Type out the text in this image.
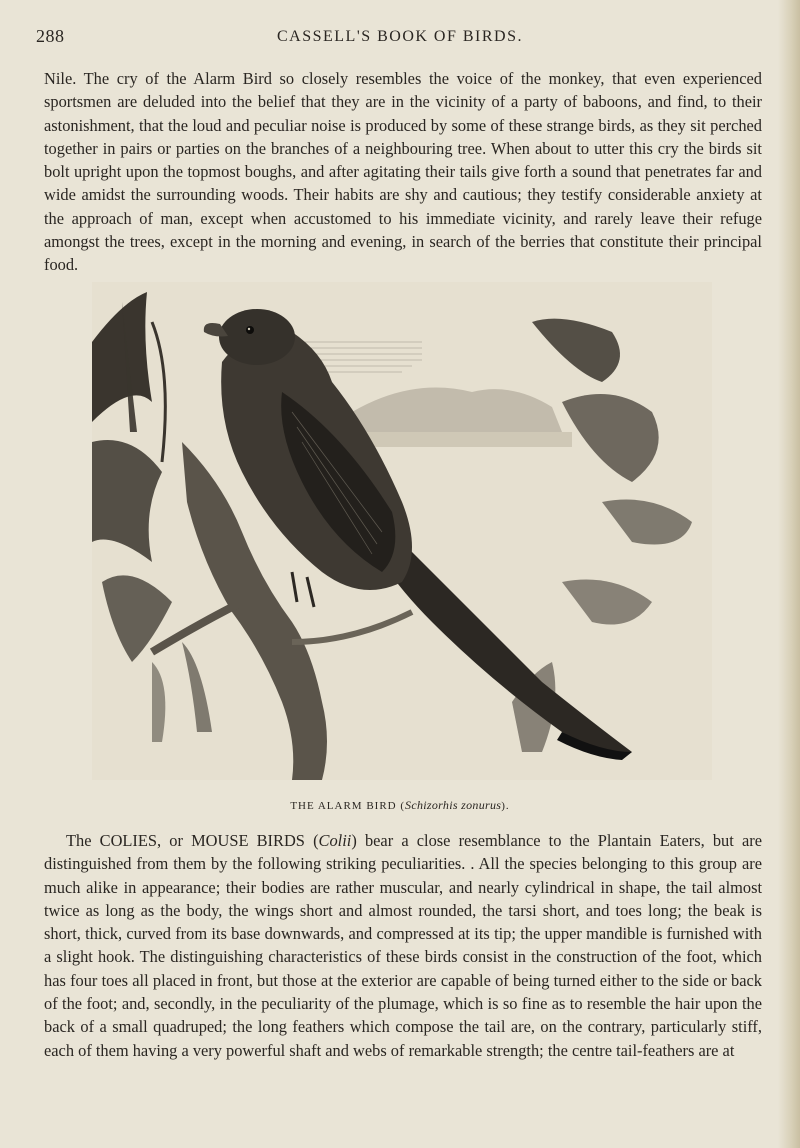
288	CASSELL'S BOOK OF BIRDS.

Nile. The cry of the Alarm Bird so closely resembles the voice of the monkey, that even experienced sportsmen are deluded into the belief that they are in the vicinity of a party of baboons, and find, to their astonishment, that the loud and peculiar noise is produced by some of these strange birds, as they sit perched together in pairs or parties on the branches of a neighbouring tree. When about to utter this cry the birds sit bolt upright upon the topmost boughs, and after agitating their tails give forth a sound that penetrates far and wide amidst the surrounding woods. Their habits are shy and cautious; they testify considerable anxiety at the approach of man, except when accustomed to his immediate vicinity, and rarely leave their refuge amongst the trees, except in the morning and evening, in search of the berries that constitute their principal food.

THE ALARM BIRD (Schizorhis zonurus).

The COLIES, or MOUSE BIRDS (Colii) bear a close resemblance to the Plantain Eaters, but are distinguished from them by the following striking peculiarities. . All the species belonging to this group are much alike in appearance; their bodies are rather muscular, and nearly cylindrical in shape, the tail almost twice as long as the body, the wings short and almost rounded, the tarsi short, and toes long; the beak is short, thick, curved from its base downwards, and compressed at its tip; the upper mandible is furnished with a slight hook. The distinguishing characteristics of these birds consist in the construction of the foot, which has four toes all placed in front, but those at the exterior are capable of being turned either to the side or back of the foot; and, secondly, in the peculiarity of the plumage, which is so fine as to resemble the hair upon the back of a small quadruped; the long feathers which compose the tail are, on the contrary, particularly stiff, each of them having a very powerful shaft and webs of remarkable strength; the centre tail-feathers are at
